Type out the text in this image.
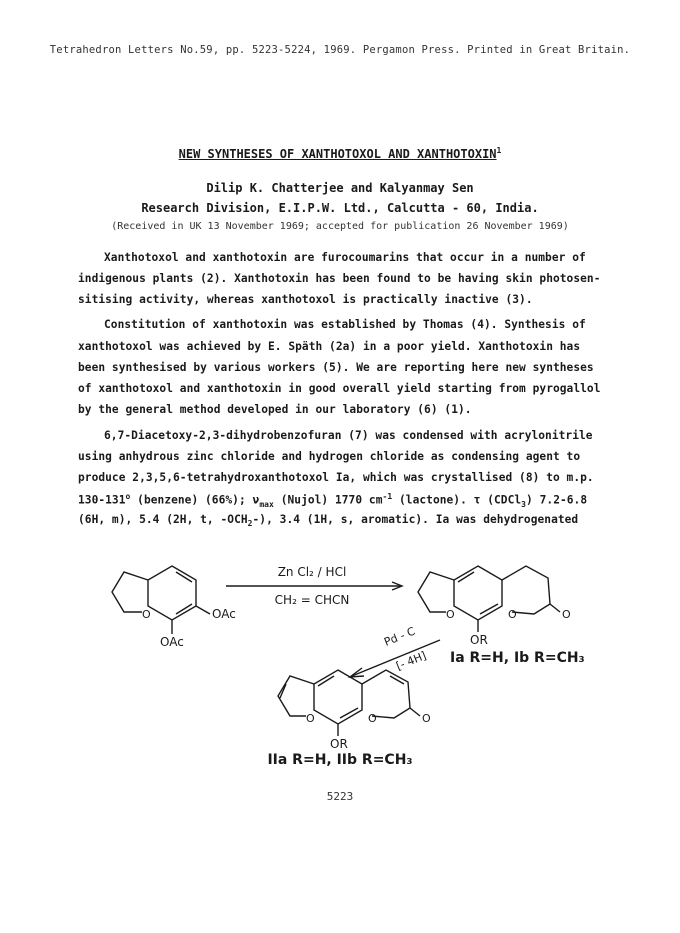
Tetrahedron Letters No.59, pp. 5223-5224, 1969. Pergamon Press. Printed in Great Britain.
NEW SYNTHESES OF XANTHOTOXOL AND XANTHOTOXIN$^1$
Dilip K. Chatterjee and Kalyanmay Sen
Research Division, E.I.P.W. Ltd., Calcutta - 60, India.
(Received in UK 13 November 1969; accepted for publication 26 November 1969)
Xanthotoxol and xanthotoxin are furocoumarins that occur in a number of
indigenous plants (2). Xanthotoxin has been found to be having skin photosen-
sitising activity, whereas xanthotoxol is practically inactive (3).
Constitution of xanthotoxin was established by Thomas (4). Synthesis of
xanthotoxol was achieved by E. Späth (2a) in a poor yield. Xanthotoxin has
been synthesised by various workers (5). We are reporting here new syntheses
of xanthotoxol and xanthotoxin in good overall yield starting from pyrogallol
by the general method developed in our laboratory (6) (1).
6,7-Diacetoxy-2,3-dihydrobenzofuran (7) was condensed with acrylonitrile
using anhydrous zinc chloride and hydrogen chloride as condensing agent to
produce 2,3,5,6-tetrahydroxanthotoxol Ia, which was crystallised (8) to m.p.
130-131$^o$ (benzene) (66%); $\nu_{max}$ (Nujol) 1770 $cm^{-1}$ (lactone). τ (CDCl$_3$) 7.2-6.8
(6H, m), 5.4 (2H, t, $-OCH_2-$), 3.4 (1H, s, aromatic). Ia was dehydrogenated
Zn Cl₂ / HCl
CH₂ = CHCN
OAc
OAc
O	O	O	O
OR
Ia R=H, Ib R=CH₃
Pd - C
[- 4H]
O	O	O
OR
IIa R=H, IIb R=CH₃
5223
